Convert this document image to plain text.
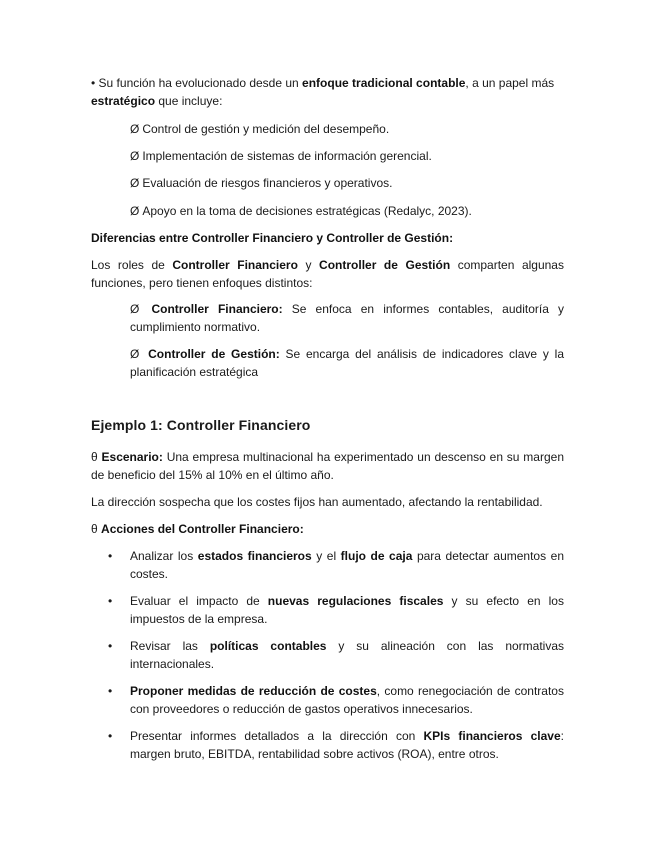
• Su función ha evolucionado desde un enfoque tradicional contable, a un papel más estratégico que incluye:

Ø Control de gestión y medición del desempeño.

Ø Implementación de sistemas de información gerencial.

Ø Evaluación de riesgos financieros y operativos.

Ø Apoyo en la toma de decisiones estratégicas (Redalyc, 2023).

Diferencias entre Controller Financiero y Controller de Gestión:

Los roles de Controller Financiero y Controller de Gestión comparten algunas funciones, pero tienen enfoques distintos:

Ø Controller Financiero: Se enfoca en informes contables, auditoría y cumplimiento normativo.

Ø Controller de Gestión: Se encarga del análisis de indicadores clave y la planificación estratégica

Ejemplo 1: Controller Financiero

θ Escenario: Una empresa multinacional ha experimentado un descenso en su margen de beneficio del 15% al 10% en el último año.

La dirección sospecha que los costes fijos han aumentado, afectando la rentabilidad.

θ Acciones del Controller Financiero:

• Analizar los estados financieros y el flujo de caja para detectar aumentos en costes.

• Evaluar el impacto de nuevas regulaciones fiscales y su efecto en los impuestos de la empresa.

• Revisar las políticas contables y su alineación con las normativas internacionales.

• Proponer medidas de reducción de costes, como renegociación de contratos con proveedores o reducción de gastos operativos innecesarios.

• Presentar informes detallados a la dirección con KPIs financieros clave: margen bruto, EBITDA, rentabilidad sobre activos (ROA), entre otros.
